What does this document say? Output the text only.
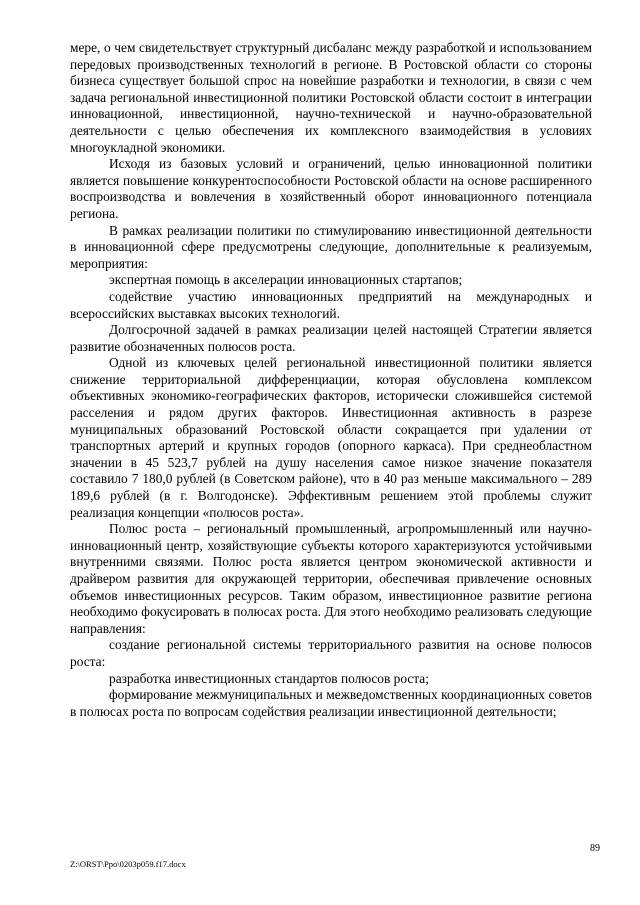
мере, о чем свидетельствует структурный дисбаланс между разработкой и использованием передовых производственных технологий в регионе. В Ростовской области со стороны бизнеса существует большой спрос на новейшие разработки и технологии, в связи с чем задача региональной инвестиционной политики Ростовской области состоит в интеграции инновационной, инвестиционной, научно-технической и научно-образовательной деятельности с целью обеспечения их комплексного взаимодействия в условиях многоукладной экономики.

Исходя из базовых условий и ограничений, целью инновационной политики является повышение конкурентоспособности Ростовской области на основе расширенного воспроизводства и вовлечения в хозяйственный оборот инновационного потенциала региона.

В рамках реализации политики по стимулированию инвестиционной деятельности в инновационной сфере предусмотрены следующие, дополнительные к реализуемым, мероприятия:

экспертная помощь в акселерации инновационных стартапов;

содействие участию инновационных предприятий на международных и всероссийских выставках высоких технологий.

Долгосрочной задачей в рамках реализации целей настоящей Стратегии является развитие обозначенных полюсов роста.

Одной из ключевых целей региональной инвестиционной политики является снижение территориальной дифференциации, которая обусловлена комплексом объективных экономико-географических факторов, исторически сложившейся системой расселения и рядом других факторов. Инвестиционная активность в разрезе муниципальных образований Ростовской области сокращается при удалении от транспортных артерий и крупных городов (опорного каркаса). При среднеобластном значении в 45 523,7 рублей на душу населения самое низкое значение показателя составило 7 180,0 рублей (в Советском районе), что в 40 раз меньше максимального – 289 189,6 рублей (в г. Волгодонске). Эффективным решением этой проблемы служит реализация концепции «полюсов роста».

Полюс роста – региональный промышленный, агропромышленный или научно-инновационный центр, хозяйствующие субъекты которого характеризуются устойчивыми внутренними связями. Полюс роста является центром экономической активности и драйвером развития для окружающей территории, обеспечивая привлечение основных объемов инвестиционных ресурсов. Таким образом, инвестиционное развитие региона необходимо фокусировать в полюсах роста. Для этого необходимо реализовать следующие направления:

создание региональной системы территориального развития на основе полюсов роста:

разработка инвестиционных стандартов полюсов роста;

формирование межмуниципальных и межведомственных координационных советов в полюсах роста по вопросам содействия реализации инвестиционной деятельности;

89
Z:\ORST\Ppo\0203p059.f17.docx
